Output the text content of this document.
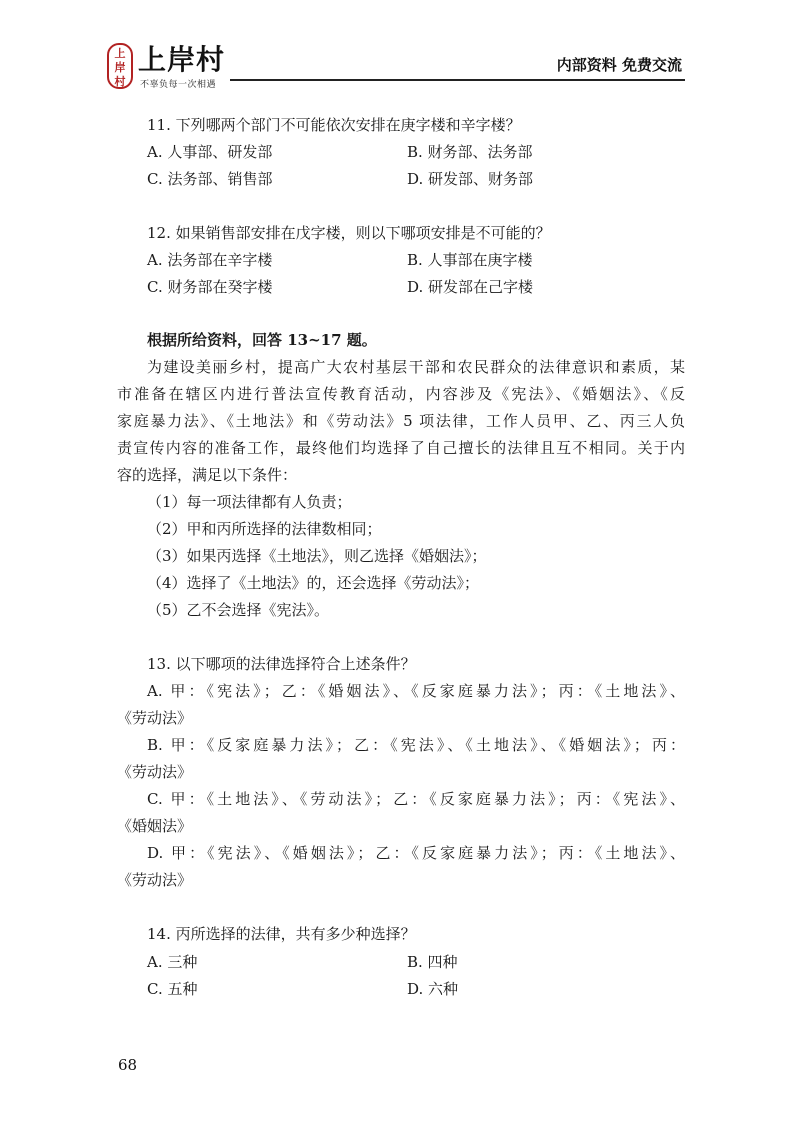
上
岸
村
上岸村
不辜负每一次相遇
内部资料 免费交流
11. 下列哪两个部门不可能依次安排在庚字楼和辛字楼？
A. 人事部、研发部	B. 财务部、法务部
C. 法务部、销售部	D. 研发部、财务部
12. 如果销售部安排在戊字楼，则以下哪项安排是不可能的？
A. 法务部在辛字楼	B. 人事部在庚字楼
C. 财务部在癸字楼	D. 研发部在己字楼
根据所给资料，回答 13~17 题。
为建设美丽乡村，提高广大农村基层干部和农民群众的法律意识和素质，某
市准备在辖区内进行普法宣传教育活动，内容涉及《宪法》、《婚姻法》、《反
家庭暴力法》、《土地法》和《劳动法》5 项法律，工作人员甲、乙、丙三人负
责宣传内容的准备工作，最终他们均选择了自己擅长的法律且互不相同。关于内
容的选择，满足以下条件：
（1）每一项法律都有人负责；
（2）甲和丙所选择的法律数相同；
（3）如果丙选择《土地法》，则乙选择《婚姻法》；
（4）选择了《土地法》的，还会选择《劳动法》；
（5）乙不会选择《宪法》。
13. 以下哪项的法律选择符合上述条件？
A. 甲：《宪法》；乙：《婚姻法》、《反家庭暴力法》；丙：《土地法》、
《劳动法》
B. 甲：《反家庭暴力法》；乙：《宪法》、《土地法》、《婚姻法》；丙：
《劳动法》
C. 甲：《土地法》、《劳动法》；乙：《反家庭暴力法》；丙：《宪法》、
《婚姻法》
D. 甲：《宪法》、《婚姻法》；乙：《反家庭暴力法》；丙：《土地法》、
《劳动法》
14. 丙所选择的法律，共有多少种选择？
A. 三种	B. 四种
C. 五种	D. 六种
68
